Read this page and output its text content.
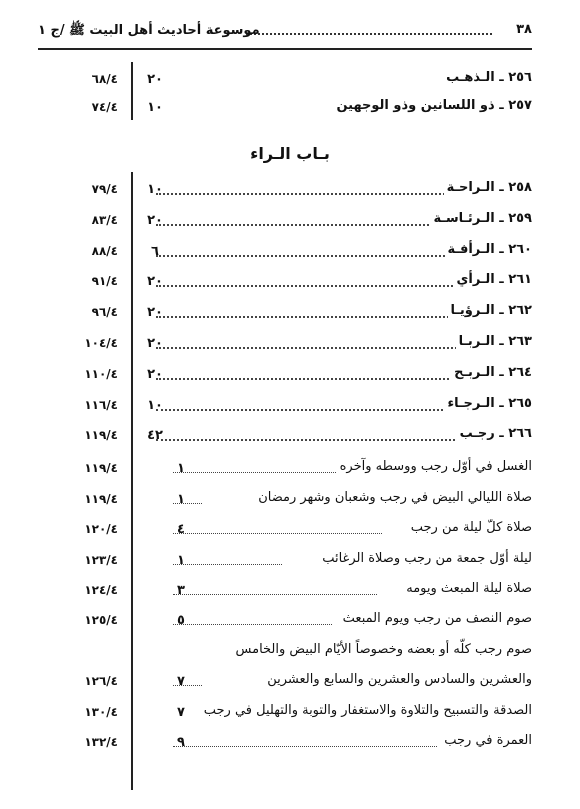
٣٨
موسوعة أحاديث أهل البيت ﷺ /ج ١
٦٨/٤	٢٠	٢٥٦ ـ الـذهـب
٧٤/٤	١٠	٢٥٧ ـ ذو اللسانين وذو الوجهين
بـاب الـراء
٧٩/٤	١٠	٢٥٨ ـ الـراحـة
٨٣/٤	٢٠	٢٥٩ ـ الـرئـاسـة
٨٨/٤	٦	٢٦٠ ـ الـرأفـة
٩١/٤	٢٠	٢٦١ ـ الـرأي
٩٦/٤	٢٠	٢٦٢ ـ الـرؤيـا
١٠٤/٤	٢٠	٢٦٣ ـ الـربـا
١١٠/٤	٢٠	٢٦٤ ـ الـربـح
١١٦/٤	١٠	٢٦٥ ـ الـرجـاء
١١٩/٤	٤٢	٢٦٦ ـ رجـب
١١٩/٤	١	الغسل في أوّل رجب ووسطه وآخره
١١٩/٤	١	صلاة الليالي البيض في رجب وشعبان وشهر رمضان
١٢٠/٤	٤	صلاة كلّ ليلة من رجب
١٢٣/٤	١	ليلة أوّل جمعة من رجب وصلاة الرغائب
١٢٤/٤	٣	صلاة ليلة المبعث ويومه
١٢٥/٤	٥	صوم النصف من رجب ويوم المبعث
صوم رجب كلّه أو بعضه وخصوصاً الأيّام البيض والخامس
١٢٦/٤	٧	والعشرين والسادس والعشرين والسابع والعشرين
١٣٠/٤	٧	الصدقة والتسبيح والتلاوة والاستغفار والتوبة والتهليل في رجب
١٣٢/٤	٩	العمرة في رجب
